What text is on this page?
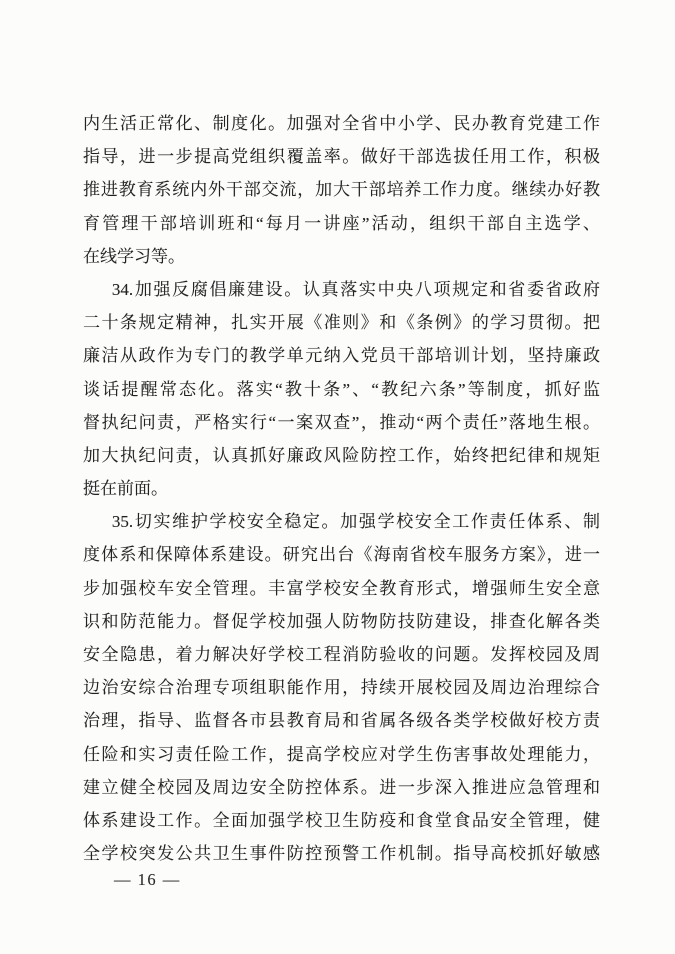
内生活正常化、制度化。加强对全省中小学、民办教育党建工作
指导，进一步提高党组织覆盖率。做好干部选拔任用工作，积极
推进教育系统内外干部交流，加大干部培养工作力度。继续办好教
育管理干部培训班和“每月一讲座”活动，组织干部自主选学、
在线学习等。
34.加强反腐倡廉建设。认真落实中央八项规定和省委省政府
二十条规定精神，扎实开展《准则》和《条例》的学习贯彻。把
廉洁从政作为专门的教学单元纳入党员干部培训计划，坚持廉政
谈话提醒常态化。落实“教十条”、“教纪六条”等制度，抓好监
督执纪问责，严格实行“一案双查”，推动“两个责任”落地生根。
加大执纪问责，认真抓好廉政风险防控工作，始终把纪律和规矩
挺在前面。
35.切实维护学校安全稳定。加强学校安全工作责任体系、制
度体系和保障体系建设。研究出台《海南省校车服务方案》，进一
步加强校车安全管理。丰富学校安全教育形式，增强师生安全意
识和防范能力。督促学校加强人防物防技防建设，排查化解各类
安全隐患，着力解决好学校工程消防验收的问题。发挥校园及周
边治安综合治理专项组职能作用，持续开展校园及周边治理综合
治理，指导、监督各市县教育局和省属各级各类学校做好校方责
任险和实习责任险工作，提高学校应对学生伤害事故处理能力，
建立健全校园及周边安全防控体系。进一步深入推进应急管理和
体系建设工作。全面加强学校卫生防疫和食堂食品安全管理，健
全学校突发公共卫生事件防控预警工作机制。指导高校抓好敏感
— 16 —
